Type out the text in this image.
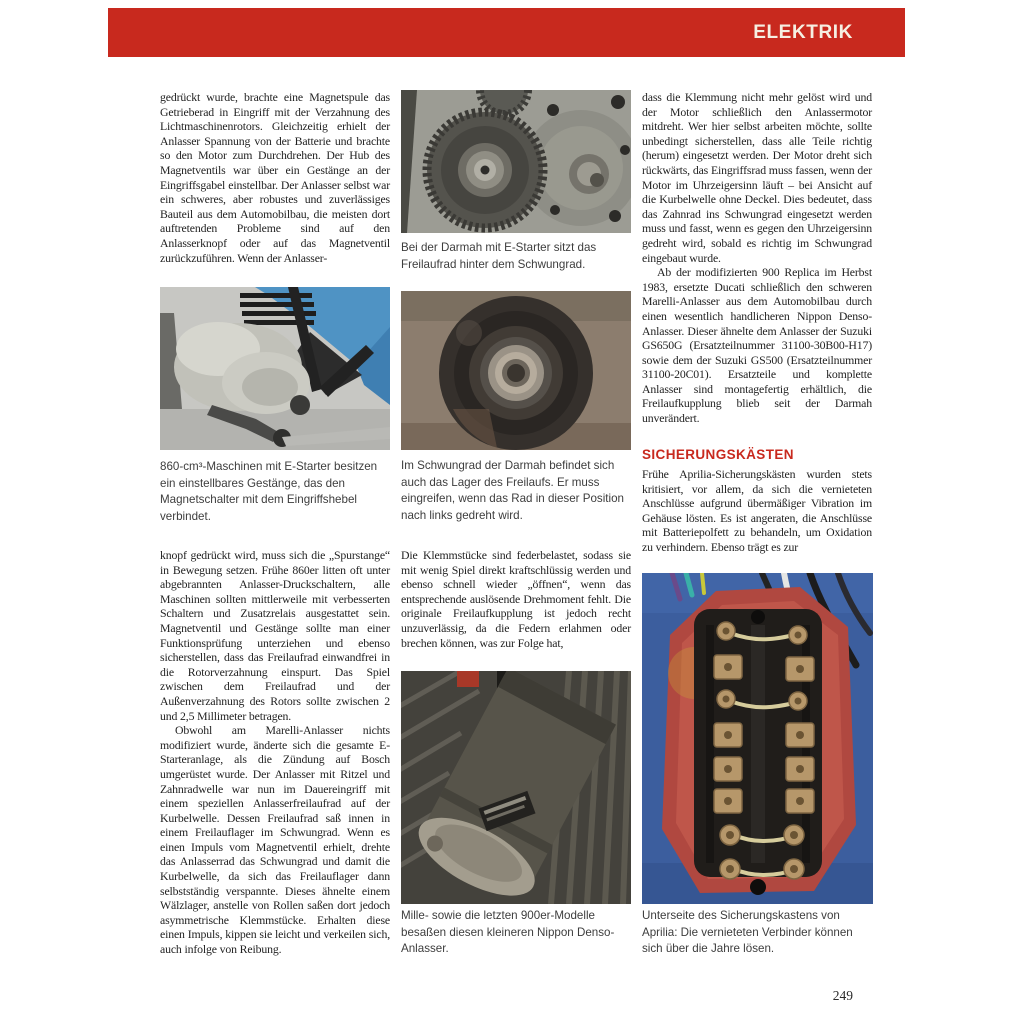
ELEKTRIK

gedrückt wurde, brachte eine Magnetspule das Getrieberad in Eingriff mit der Verzahnung des Lichtmaschinenrotors. Gleichzeitig erhielt der Anlasser Spannung von der Batterie und brachte so den Motor zum Durchdrehen. Der Hub des Magnetventils war über ein Gestänge an der Eingriffsgabel einstellbar. Der Anlasser selbst war ein schweres, aber robustes und zuverlässiges Bauteil aus dem Automobilbau, die meisten dort auftretenden Probleme sind auf den Anlasserknopf oder auf das Magnetventil zurückzuführen. Wenn der Anlasser-

860-cm³-Maschinen mit E-Starter besitzen ein einstellbares Gestänge, das den Magnetschalter mit dem Eingriffshebel verbindet.

knopf gedrückt wird, muss sich die „Spurstange“ in Bewegung setzen. Frühe 860er litten oft unter abgebrannten Anlasser-Druckschaltern, alle Maschinen sollten mittlerweile mit verbesserten Schaltern und Zusatzrelais ausgestattet sein. Magnetventil und Gestänge sollte man einer Funktionsprüfung unterziehen und ebenso sicherstellen, dass das Freilaufrad einwandfrei in die Rotorverzahnung einspurt. Das Spiel zwischen dem Freilaufrad und der Außenverzahnung des Rotors sollte zwischen 2 und 2,5 Millimeter betragen.

Obwohl am Marelli-Anlasser nichts modifiziert wurde, änderte sich die gesamte E-Starteranlage, als die Zündung auf Bosch umgerüstet wurde. Der Anlasser mit Ritzel und Zahnradwelle war nun im Dauereingriff mit einem speziellen Anlasserfreilaufrad auf der Kurbelwelle. Dessen Freilaufrad saß innen in einem Freilauflager im Schwungrad. Wenn es einen Impuls vom Magnetventil erhielt, drehte das Anlasserrad das Schwungrad und damit die Kurbelwelle, da sich das Freilauflager dann selbstständig verspannte. Dieses ähnelte einem Wälzlager, anstelle von Rollen saßen dort jedoch asymmetrische Klemmstücke. Erhalten diese einen Impuls, kippen sie leicht und verkeilen sich, auch infolge von Reibung.

Bei der Darmah mit E-Starter sitzt das Freilaufrad hinter dem Schwungrad.
Im Schwungrad der Darmah befindet sich auch das Lager des Freilaufs. Er muss eingreifen, wenn das Rad in dieser Position nach links gedreht wird.

Die Klemmstücke sind federbelastet, sodass sie mit wenig Spiel direkt kraftschlüssig werden und ebenso schnell wieder „öffnen“, wenn das entsprechende auslösende Drehmoment fehlt. Die originale Freilaufkupplung ist jedoch recht unzuverlässig, da die Federn erlahmen oder brechen können, was zur Folge hat,

Mille- sowie die letzten 900er-Modelle besaßen diesen kleineren Nippon Denso-Anlasser.

dass die Klemmung nicht mehr gelöst wird und der Motor schließlich den Anlassermotor mitdreht. Wer hier selbst arbeiten möchte, sollte unbedingt sicherstellen, dass alle Teile richtig (herum) eingesetzt werden. Der Motor dreht sich rückwärts, das Eingriffsrad muss fassen, wenn der Motor im Uhrzeigersinn läuft – bei Ansicht auf die Kurbelwelle ohne Deckel. Dies bedeutet, dass das Zahnrad ins Schwungrad eingesetzt werden muss und fasst, wenn es gegen den Uhrzeigersinn gedreht wird, sobald es richtig im Schwungrad eingebaut wurde.

Ab der modifizierten 900 Replica im Herbst 1983, ersetzte Ducati schließlich den schweren Marelli-Anlasser aus dem Automobilbau durch einen wesentlich handlicheren Nippon Denso-Anlasser. Dieser ähnelte dem Anlasser der Suzuki GS650G (Ersatzteilnummer 31100-30B00-H17) sowie dem der Suzuki GS500 (Ersatzteilnummer 31100-20C01). Ersatzteile und komplette Anlasser sind montagefertig erhältlich, die Freilaufkupplung blieb seit der Darmah unverändert.

SICHERUNGSKÄSTEN

Frühe Aprilia-Sicherungskästen wurden stets kritisiert, vor allem, da sich die vernieteten Anschlüsse aufgrund übermäßiger Vibration im Gehäuse lösten. Es ist angeraten, die Anschlüsse mit Batteriepolfett zu behandeln, um Oxidation zu verhindern. Ebenso trägt es zur

Unterseite des Sicherungskastens von Aprilia: Die vernieteten Verbinder können sich über die Jahre lösen.
249
